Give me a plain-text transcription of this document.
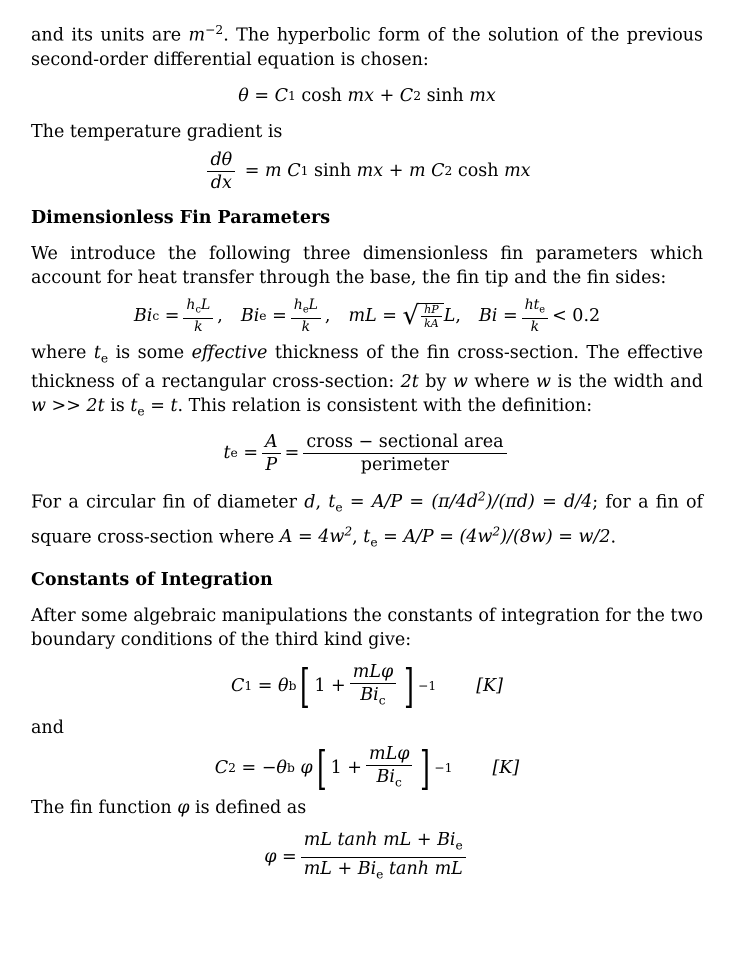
and its units are $m^{-2}$. The hyperbolic form of the solution of the previous second-order differential equation is chosen:

θ = C 1
cosh
mx + C 2
sinh
mx

The temperature gradient is

$\frac{d\theta}{dx} = m$
C 1
sinh
mx + m
C 2
cosh
mx
Dimensionless Fin Parameters

We introduce the following three dimensionless fin parameters which account for heat transfer through the base, the fin tip and the fin sides:

Bi $c = \frac{h_cL}{k}$ , Bi $e = \frac{h_eL}{k}$ , mL = √ $\frac{hP}{kA}$ L , $Bi = \frac{ht_e}{k} < 0.2$

where $t_e$ is some effective thickness of the fin cross-section. The effective thickness of a rectangular cross-section: 2t by w where w is the width and w >> 2t is $t_e = t$. This relation is consistent with the definition:

t $e = \frac{A}{P} = \frac{\text{cross − sectional area}}{\text{perimeter}}$

For a circular fin of diameter d, $t_e = A/P = (\pi/4d^2)/(\pi d) = d/4$; for a fin of square cross-section where $A = 4w^2$, $t_e = A/P = (4w^2)/(8w) = w/2$.

Constants of Integration

After some algebraic manipulations the constants of integration for the two boundary conditions of the third kind give:

C 1 = θ b [ $1 + \frac{\text{mLφ}}{Bi_c}$ ] −1 [K]

and

C 2 = −θ b
φ [ $1 + \frac{\text{mLφ}}{Bi_c}$ ] −1 [K]

The fin function φ is defined as

$\varphi = \frac{mL \tanh mL + Bi_e}{mL + Bi_e \tanh mL}$
